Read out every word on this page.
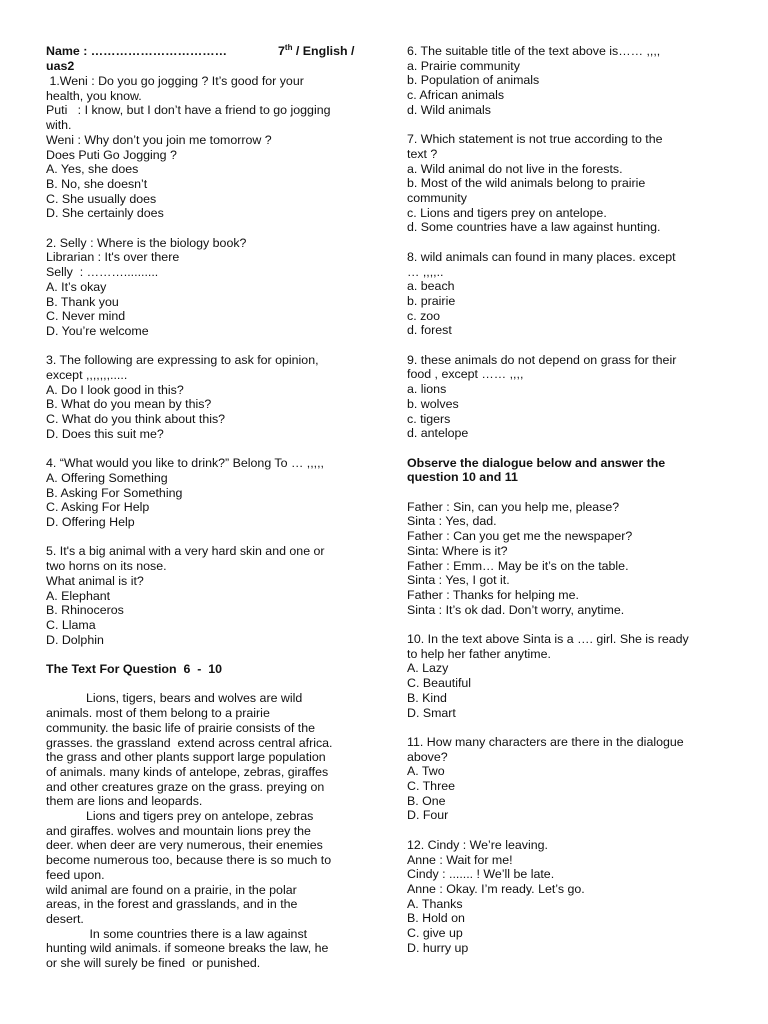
Name : ……………………………	7th / English / uas2
1.Weni : Do you go jogging ? It’s good for your
health, you know.
Puti   : I know, but I don’t have a friend to go jogging
with.
Weni : Why don’t you join me tomorrow ?
Does Puti Go Jogging ?
A. Yes, she does
B. No, she doesn’t
C. She usually does
D. She certainly does
2. Selly : Where is the biology book?
Librarian : It's over there
Selly  : ………..........
A. It’s okay
B. Thank you
C. Never mind
D. You’re welcome
3. The following are expressing to ask for opinion,
except ,,,,,,,.....
A. Do I look good in this?
B. What do you mean by this?
C. What do you think about this?
D. Does this suit me?
4. “What would you like to drink?” Belong To … ,,,,,
A. Offering Something
B. Asking For Something
C. Asking For Help
D. Offering Help
5. It's a big animal with a very hard skin and one or
two horns on its nose.
What animal is it?
A. Elephant
B. Rhinoceros
C. Llama
D. Dolphin
The Text For Question  6  -  10
Lions, tigers, bears and wolves are wild
animals. most of them belong to a prairie
community. the basic life of prairie consists of the
grasses. the grassland  extend across central africa.
the grass and other plants support large population
of animals. many kinds of antelope, zebras, giraffes
and other creatures graze on the grass. preying on
them are lions and leopards.
Lions and tigers prey on antelope, zebras
and giraffes. wolves and mountain lions prey the
deer. when deer are very numerous, their enemies
become numerous too, because there is so much to
feed upon.
wild animal are found on a prairie, in the polar
areas, in the forest and grasslands, and in the
desert.
In some countries there is a law against
hunting wild animals. if someone breaks the law, he
or she will surely be fined  or punished.
6. The suitable title of the text above is…… ,,,,
a. Prairie community
b. Population of animals
c. African animals
d. Wild animals
7. Which statement is not true according to the
text ?
a. Wild animal do not live in the forests.
b. Most of the wild animals belong to prairie
community
c. Lions and tigers prey on antelope.
d. Some countries have a law against hunting.
8. wild animals can found in many places. except
… ,,,,..
a. beach
b. prairie
c. zoo
d. forest
9. these animals do not depend on grass for their
food , except …… ,,,,
a. lions
b. wolves
c. tigers
d. antelope
Observe the dialogue below and answer the
question 10 and 11
Father : Sin, can you help me, please?
Sinta : Yes, dad.
Father : Can you get me the newspaper?
Sinta: Where is it?
Father : Emm… May be it’s on the table.
Sinta : Yes, I got it.
Father : Thanks for helping me.
Sinta : It’s ok dad. Don’t worry, anytime.
10. In the text above Sinta is a …. girl. She is ready
to help her father anytime.
A. Lazy
C. Beautiful
B. Kind
D. Smart
11. How many characters are there in the dialogue
above?
A. Two
C. Three
B. One
D. Four
12. Cindy : We’re leaving.
Anne : Wait for me!
Cindy : ....... ! We’ll be late.
Anne : Okay. I’m ready. Let’s go.
A. Thanks
B. Hold on
C. give up
D. hurry up
